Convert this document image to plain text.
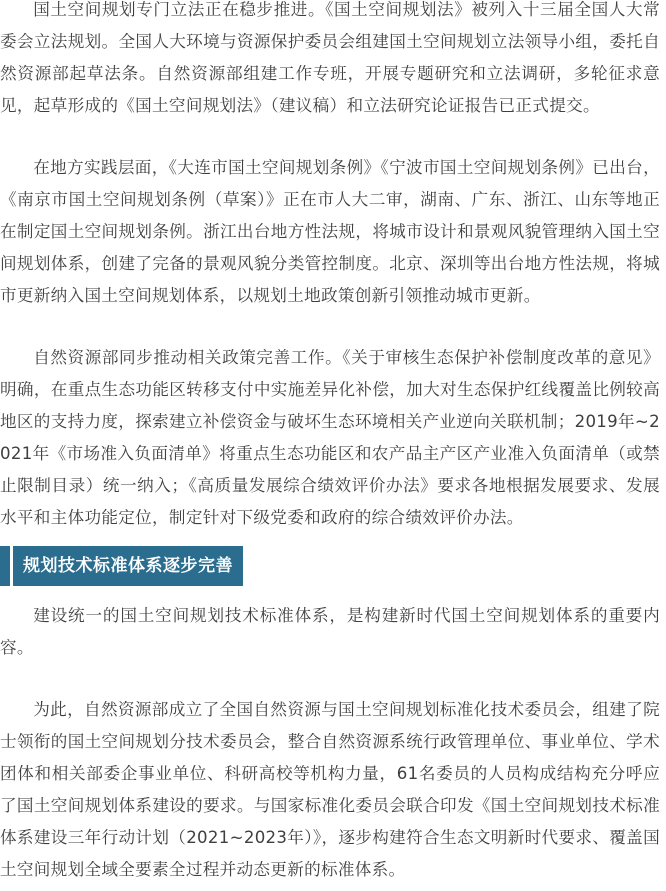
国土空间规划专门立法正在稳步推进。《国土空间规划法》被列入十三届全国人大常委会立法规划。全国人大环境与资源保护委员会组建国土空间规划立法领导小组，委托自然资源部起草法条。自然资源部组建工作专班，开展专题研究和立法调研，多轮征求意见，起草形成的《国土空间规划法》（建议稿）和立法研究论证报告已正式提交。

在地方实践层面，《大连市国土空间规划条例》《宁波市国土空间规划条例》已出台，《南京市国土空间规划条例（草案）》正在市人大二审，湖南、广东、浙江、山东等地正在制定国土空间规划条例。浙江出台地方性法规，将城市设计和景观风貌管理纳入国土空间规划体系，创建了完备的景观风貌分类管控制度。北京、深圳等出台地方性法规，将城市更新纳入国土空间规划体系，以规划土地政策创新引领推动城市更新。

自然资源部同步推动相关政策完善工作。《关于审核生态保护补偿制度改革的意见》明确，在重点生态功能区转移支付中实施差异化补偿，加大对生态保护红线覆盖比例较高地区的支持力度，探索建立补偿资金与破坏生态环境相关产业逆向关联机制；2019年~2021年《市场准入负面清单》将重点生态功能区和农产品主产区产业准入负面清单（或禁止限制目录）统一纳入；《高质量发展综合绩效评价办法》要求各地根据发展要求、发展水平和主体功能定位，制定针对下级党委和政府的综合绩效评价办法。

规划技术标准体系逐步完善

建设统一的国土空间规划技术标准体系，是构建新时代国土空间规划体系的重要内容。

为此，自然资源部成立了全国自然资源与国土空间规划标准化技术委员会，组建了院士领衔的国土空间规划分技术委员会，整合自然资源系统行政管理单位、事业单位、学术团体和相关部委企事业单位、科研高校等机构力量，61名委员的人员构成结构充分呼应了国土空间规划体系建设的要求。与国家标准化委员会联合印发《国土空间规划技术标准体系建设三年行动计划（2021~2023年）》，逐步构建符合生态文明新时代要求、覆盖国土空间规划全域全要素全过程并动态更新的标准体系。
